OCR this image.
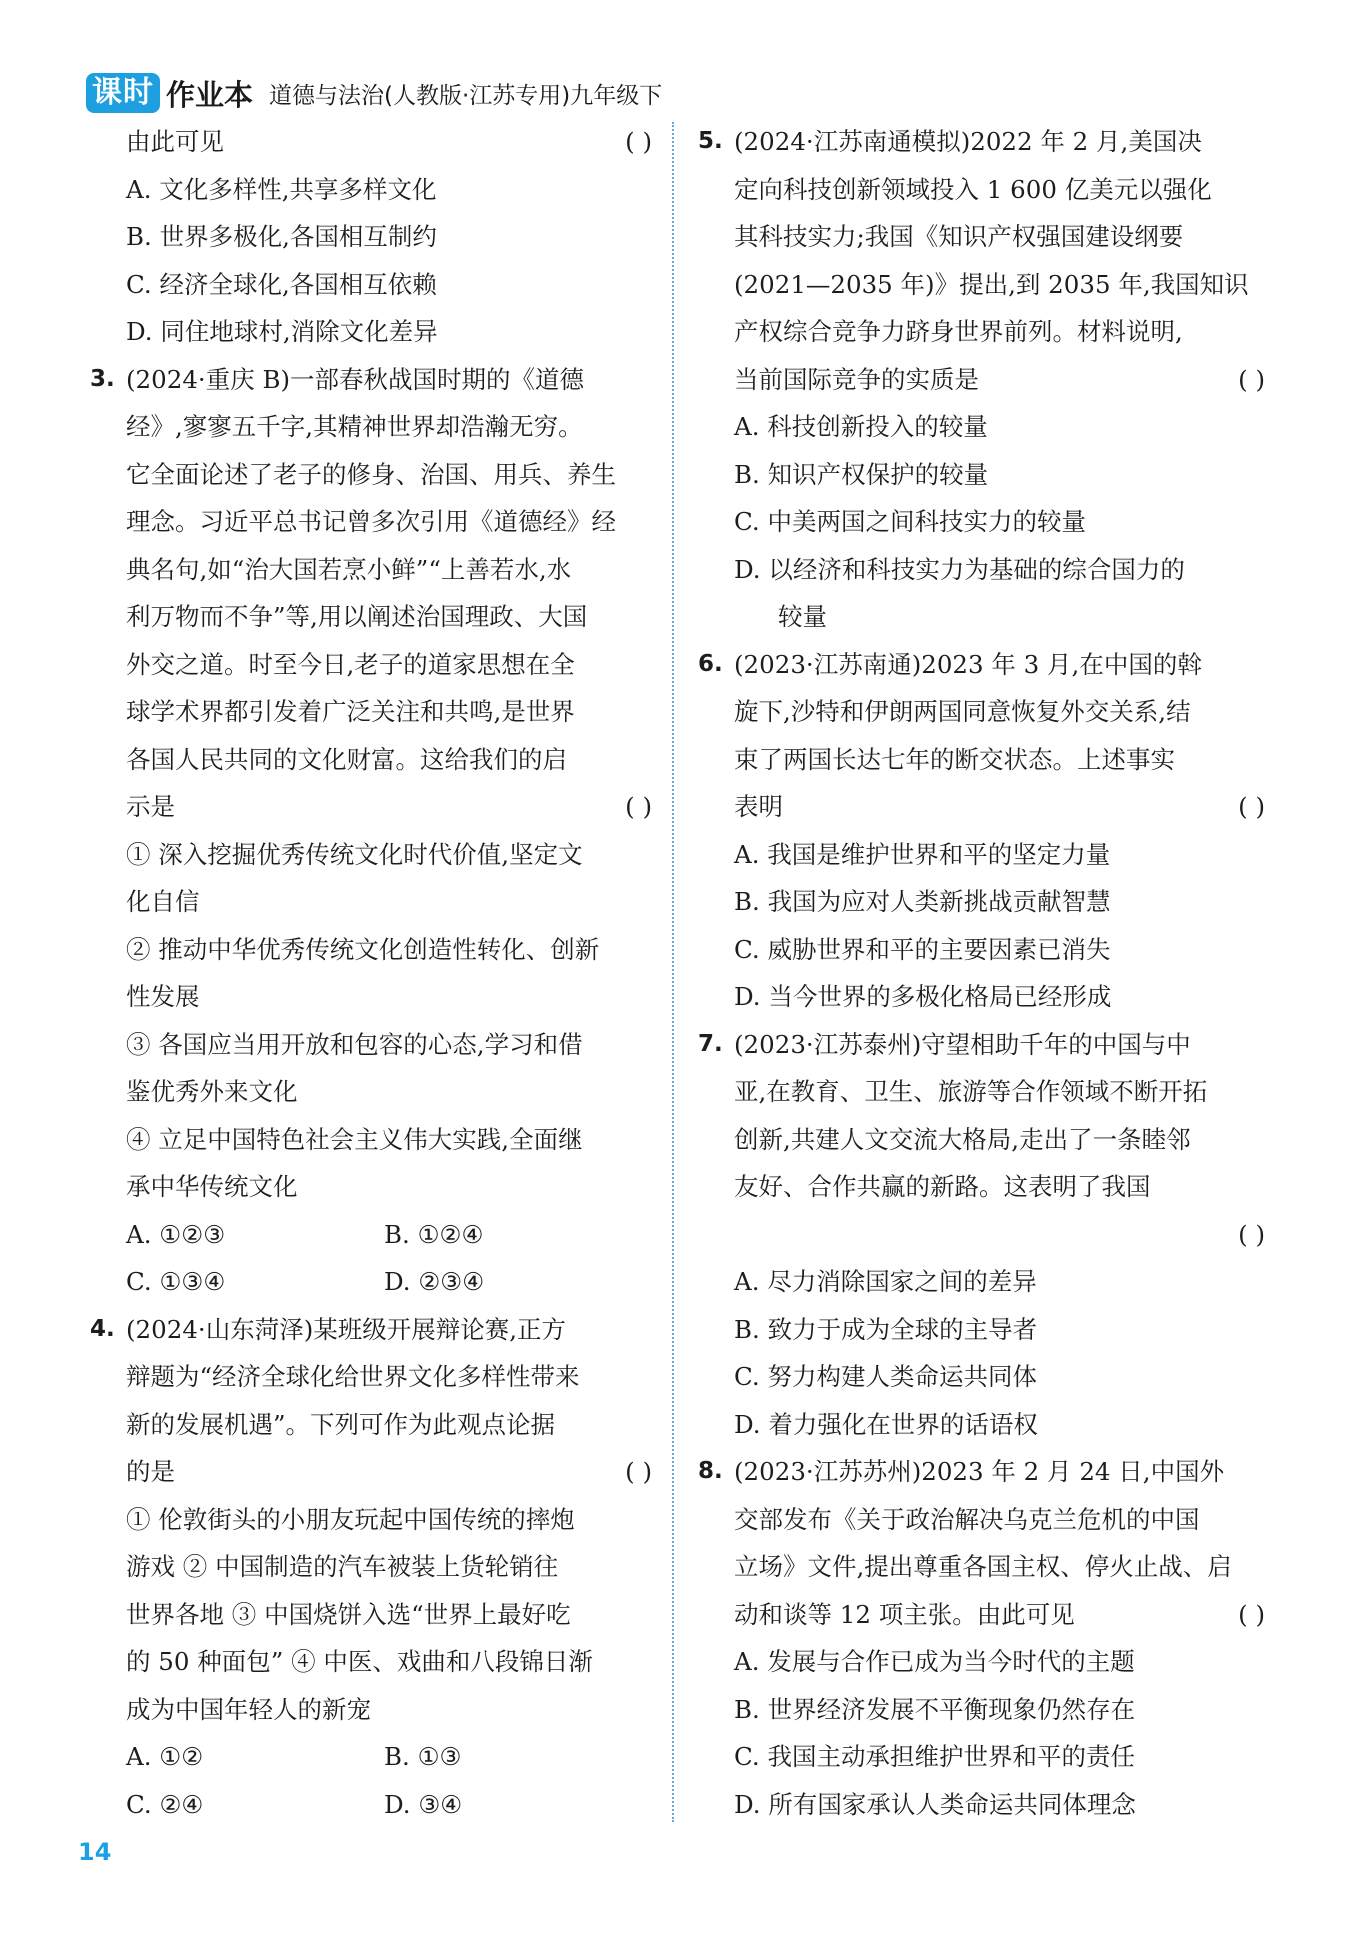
课时 作业本 道德与法治(人教版·江苏专用)九年级下
由此可见	( )
A. 文化多样性,共享多样文化
B. 世界多极化,各国相互制约
C. 经济全球化,各国相互依赖
D. 同住地球村,消除文化差异
3. (2024·重庆 B)一部春秋战国时期的《道德
经》,寥寥五千字,其精神世界却浩瀚无穷。
它全面论述了老子的修身、治国、用兵、养生
理念。习近平总书记曾多次引用《道德经》经
典名句,如“治大国若烹小鲜”“上善若水,水
利万物而不争”等,用以阐述治国理政、大国
外交之道。时至今日,老子的道家思想在全
球学术界都引发着广泛关注和共鸣,是世界
各国人民共同的文化财富。这给我们的启
示是	( )
① 深入挖掘优秀传统文化时代价值,坚定文
化自信
② 推动中华优秀传统文化创造性转化、创新
性发展
③ 各国应当用开放和包容的心态,学习和借
鉴优秀外来文化
④ 立足中国特色社会主义伟大实践,全面继
承中华传统文化
A. ①②③	B. ①②④
C. ①③④	D. ②③④
4. (2024·山东菏泽)某班级开展辩论赛,正方
辩题为“经济全球化给世界文化多样性带来
新的发展机遇”。下列可作为此观点论据
的是	( )
① 伦敦街头的小朋友玩起中国传统的摔炮
游戏 ② 中国制造的汽车被装上货轮销往
世界各地 ③ 中国烧饼入选“世界上最好吃
的 50 种面包” ④ 中医、戏曲和八段锦日渐
成为中国年轻人的新宠
A. ①②	B. ①③
C. ②④	D. ③④
5. (2024·江苏南通模拟)2022 年 2 月,美国决
定向科技创新领域投入 1 600 亿美元以强化
其科技实力;我国《知识产权强国建设纲要
(2021—2035 年)》提出,到 2035 年,我国知识
产权综合竞争力跻身世界前列。材料说明,
当前国际竞争的实质是	( )
A. 科技创新投入的较量
B. 知识产权保护的较量
C. 中美两国之间科技实力的较量
D. 以经济和科技实力为基础的综合国力的
较量
6. (2023·江苏南通)2023 年 3 月,在中国的斡
旋下,沙特和伊朗两国同意恢复外交关系,结
束了两国长达七年的断交状态。上述事实
表明	( )
A. 我国是维护世界和平的坚定力量
B. 我国为应对人类新挑战贡献智慧
C. 威胁世界和平的主要因素已消失
D. 当今世界的多极化格局已经形成
7. (2023·江苏泰州)守望相助千年的中国与中
亚,在教育、卫生、旅游等合作领域不断开拓
创新,共建人文交流大格局,走出了一条睦邻
友好、合作共赢的新路。这表明了我国
( )
A. 尽力消除国家之间的差异
B. 致力于成为全球的主导者
C. 努力构建人类命运共同体
D. 着力强化在世界的话语权
8. (2023·江苏苏州)2023 年 2 月 24 日,中国外
交部发布《关于政治解决乌克兰危机的中国
立场》文件,提出尊重各国主权、停火止战、启
动和谈等 12 项主张。由此可见	( )
A. 发展与合作已成为当今时代的主题
B. 世界经济发展不平衡现象仍然存在
C. 我国主动承担维护世界和平的责任
D. 所有国家承认人类命运共同体理念
14
